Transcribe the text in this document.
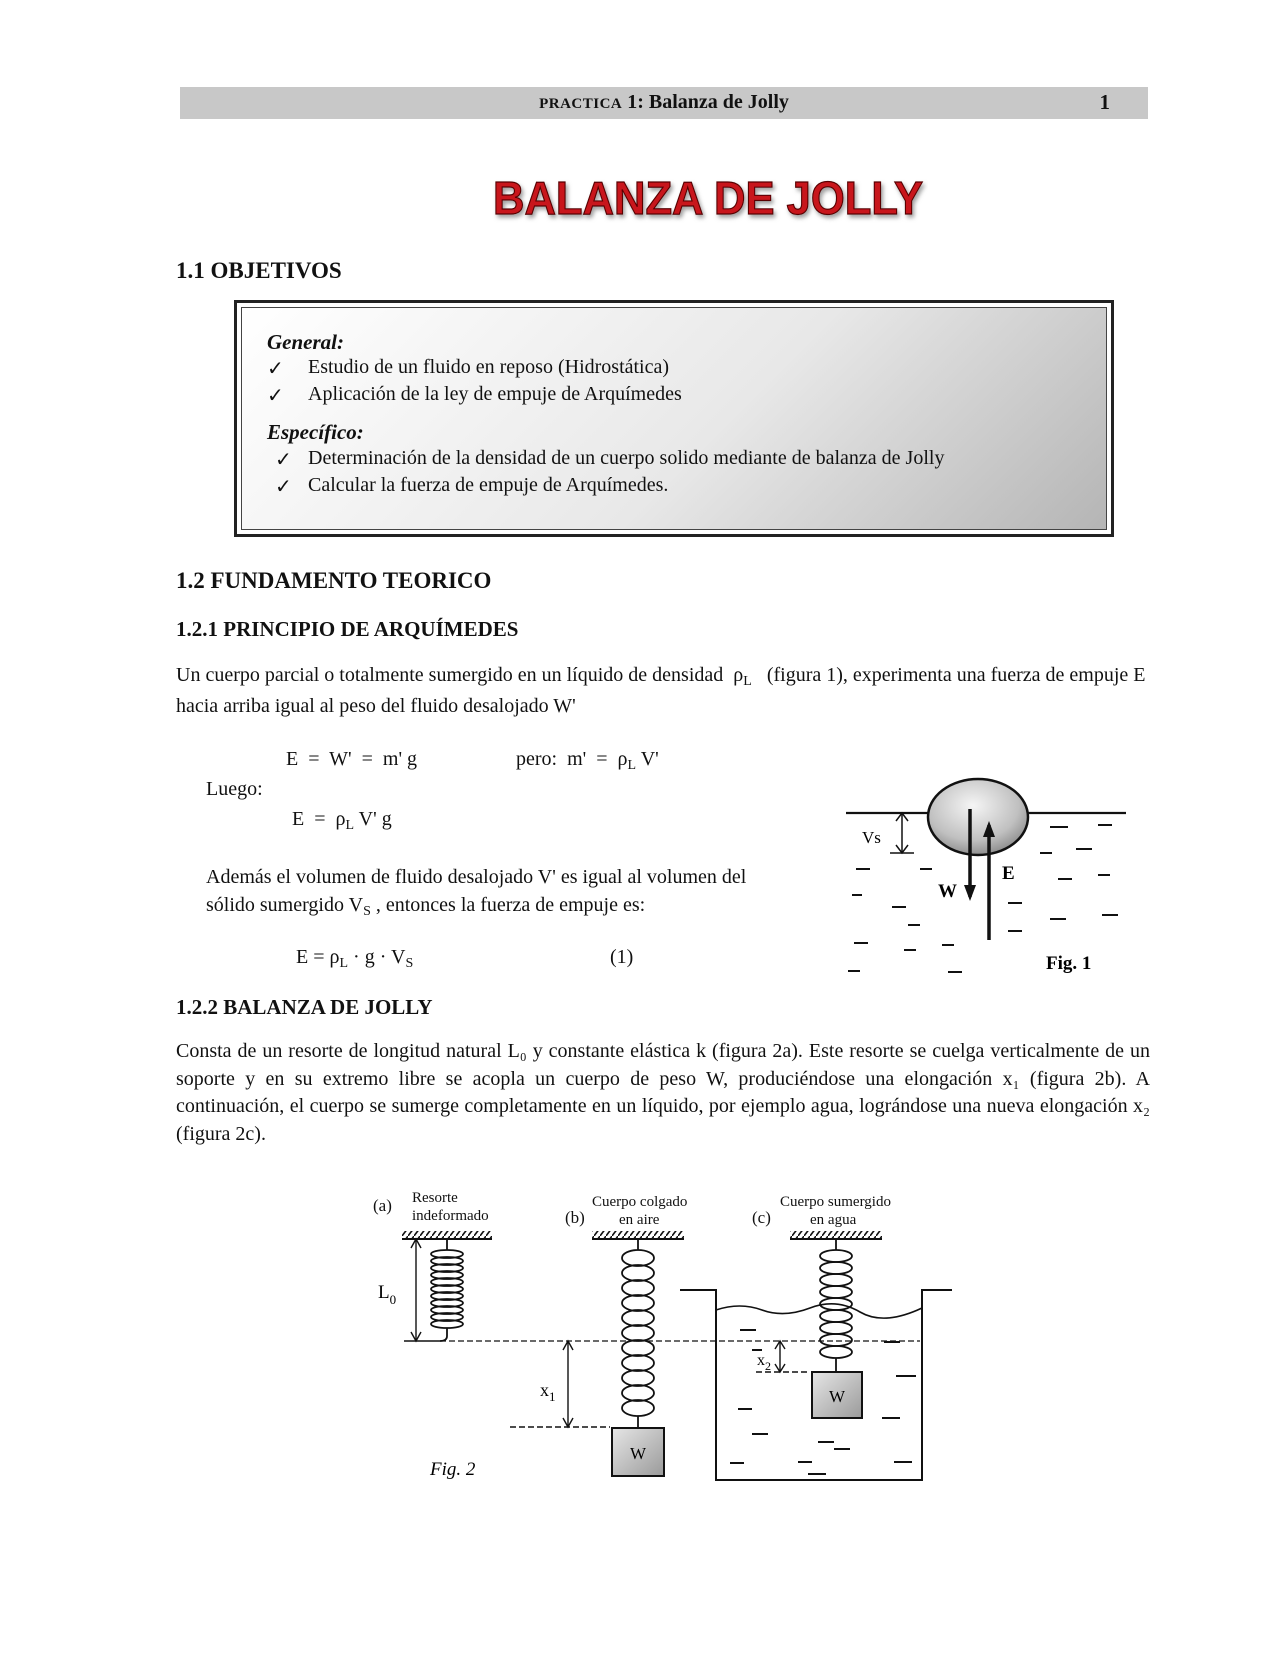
PRACTICA 1: Balanza de Jolly	1
BALANZA DE JOLLY
1.1 OBJETIVOS
General:
✓ Estudio de un fluido en reposo (Hidrostática)
✓ Aplicación de la ley de empuje de Arquímedes
Específico:
✓ Determinación de la densidad de un cuerpo solido mediante de balanza de Jolly
✓ Calcular la fuerza de empuje de Arquímedes.
1.2 FUNDAMENTO TEORICO
1.2.1 PRINCIPIO DE ARQUÍMEDES
Un cuerpo parcial o totalmente sumergido en un líquido de densidad $\rho_L$ (figura 1), experimenta una fuerza de empuje E hacia arriba igual al peso del fluido desalojado W'
E  =  W'  =  m' g	pero:  $m' = \rho_L$ V'
Luego:
$E = \rho_L$ V' g
Además el volumen de fluido desalojado V' es igual al volumen del
sólido sumergido $V_S$ , entonces la fuerza de empuje es:
$E = \rho_L \cdot g \cdot V_S$	(1)
Vs
W
E
Fig. 1
1.2.2 BALANZA DE JOLLY
Consta de un resorte de longitud natural L₀ y constante elástica k (figura 2a). Este resorte se cuelga verticalmente de un soporte y en su extremo libre se acopla un cuerpo de peso W, produciéndose una elongación x₁ (figura 2b). A continuación, el cuerpo se sumerge completamente en un líquido, por ejemplo agua, lográndose una nueva elongación x₂ (figura 2c).
(a) Resorte
indeformado	(b)
Cuerpo colgado
en aire	(c)
Cuerpo sumergido
en agua
$L_0$
W
$x_1$	W
$x_2$
Fig. 2
